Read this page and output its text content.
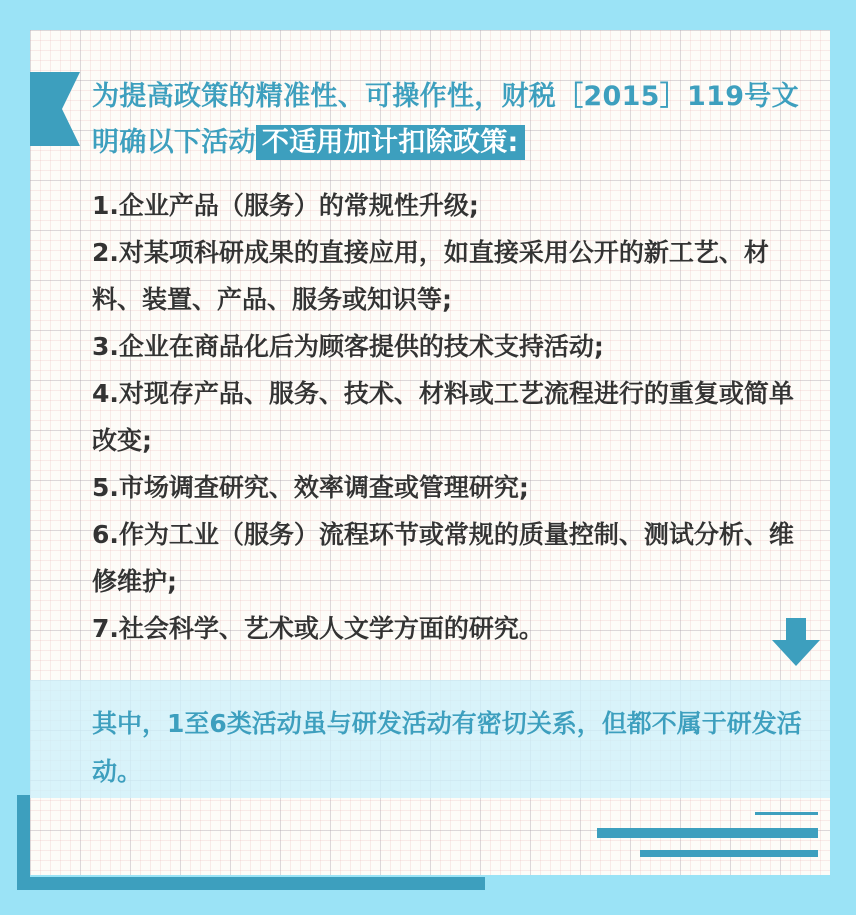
为提高政策的精准性、可操作性，财税［2015］119号文明确以下活动 不适用加计扣除政策:
1.企业产品（服务）的常规性升级;
2.对某项科研成果的直接应用，如直接采用公开的新工艺、材料、装置、产品、服务或知识等;
3.企业在商品化后为顾客提供的技术支持活动;
4.对现存产品、服务、技术、材料或工艺流程进行的重复或简单改变;
5.市场调查研究、效率调查或管理研究;
6.作为工业（服务）流程环节或常规的质量控制、测试分析、维修维护;
7.社会科学、艺术或人文学方面的研究。
其中，1至6类活动虽与研发活动有密切关系，但都不属于研发活动。
